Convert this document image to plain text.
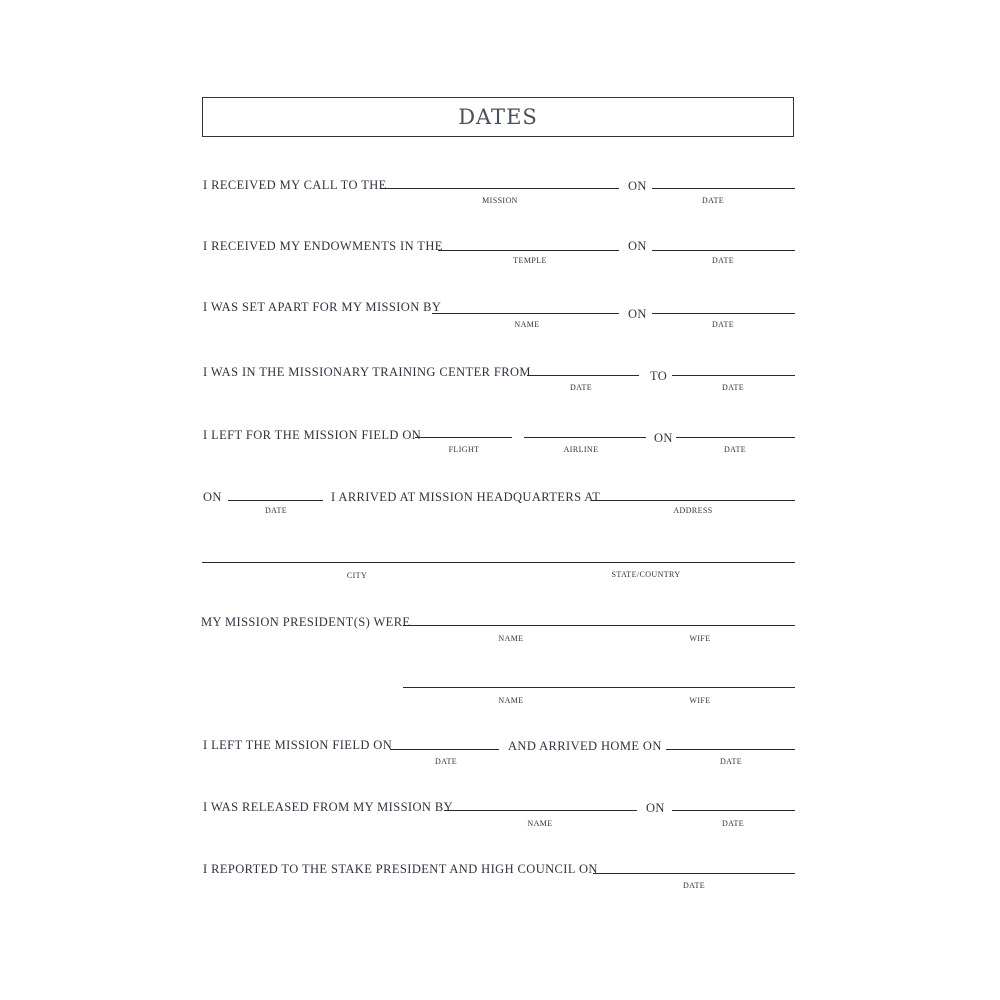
DATES
I RECEIVED MY CALL TO THE	ON
MISSION	DATE
I RECEIVED MY ENDOWMENTS IN THE	ON
TEMPLE	DATE
I WAS SET APART FOR MY MISSION BY	ON
NAME	DATE
I WAS IN THE MISSIONARY TRAINING CENTER FROM	TO
DATE	DATE
I LEFT FOR THE MISSION FIELD ON	ON
FLIGHT	AIRLINE	DATE
ON	I ARRIVED AT MISSION HEADQUARTERS AT
DATE	ADDRESS
CITY	STATE/COUNTRY
MY MISSION PRESIDENT(S) WERE
NAME	WIFE
NAME	WIFE
I LEFT THE MISSION FIELD ON	AND ARRIVED HOME ON
DATE	DATE
I WAS RELEASED FROM MY MISSION BY	ON
NAME	DATE
I REPORTED TO THE STAKE PRESIDENT AND HIGH COUNCIL ON
DATE
